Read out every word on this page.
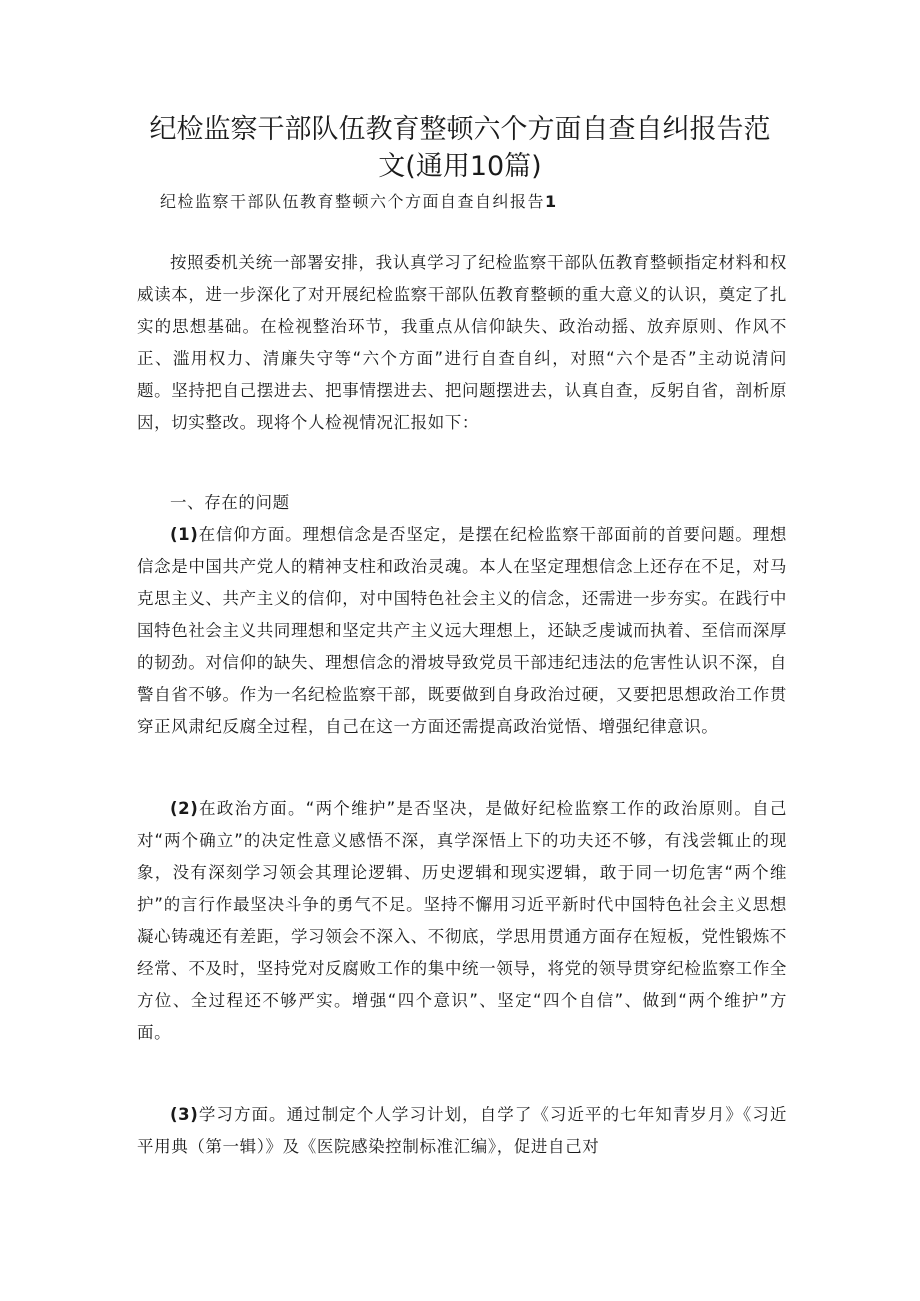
纪检监察干部队伍教育整顿六个方面自查自纠报告范
文(通用10篇)

纪检监察干部队伍教育整顿六个方面自查自纠报告1

按照委机关统一部署安排，我认真学习了纪检监察干部队伍教育整顿指定材料和权威读本，进一步深化了对开展纪检监察干部队伍教育整顿的重大意义的认识，奠定了扎实的思想基础。在检视整治环节，我重点从信仰缺失、政治动摇、放弃原则、作风不正、滥用权力、清廉失守等“六个方面”进行自查自纠，对照“六个是否”主动说清问题。坚持把自己摆进去、把事情摆进去、把问题摆进去，认真自查，反躬自省，剖析原因，切实整改。现将个人检视情况汇报如下：

一、存在的问题

(1)在信仰方面。理想信念是否坚定，是摆在纪检监察干部面前的首要问题。理想信念是中国共产党人的精神支柱和政治灵魂。本人在坚定理想信念上还存在不足，对马克思主义、共产主义的信仰，对中国特色社会主义的信念，还需进一步夯实。在践行中国特色社会主义共同理想和坚定共产主义远大理想上，还缺乏虔诚而执着、至信而深厚的韧劲。对信仰的缺失、理想信念的滑坡导致党员干部违纪违法的危害性认识不深，自警自省不够。作为一名纪检监察干部，既要做到自身政治过硬，又要把思想政治工作贯穿正风肃纪反腐全过程，自己在这一方面还需提高政治觉悟、增强纪律意识。

(2)在政治方面。“两个维护”是否坚决，是做好纪检监察工作的政治原则。自己对“两个确立”的决定性意义感悟不深，真学深悟上下的功夫还不够，有浅尝辄止的现象，没有深刻学习领会其理论逻辑、历史逻辑和现实逻辑，敢于同一切危害“两个维护”的言行作最坚决斗争的勇气不足。坚持不懈用习近平新时代中国特色社会主义思想凝心铸魂还有差距，学习领会不深入、不彻底，学思用贯通方面存在短板，党性锻炼不经常、不及时，坚持党对反腐败工作的集中统一领导，将党的领导贯穿纪检监察工作全方位、全过程还不够严实。增强“四个意识”、坚定“四个自信”、做到“两个维护”方面。

(3)学习方面。通过制定个人学习计划，自学了《习近平的七年知青岁月》《习近平用典（第一辑）》及《医院感染控制标准汇编》，促进自己对
